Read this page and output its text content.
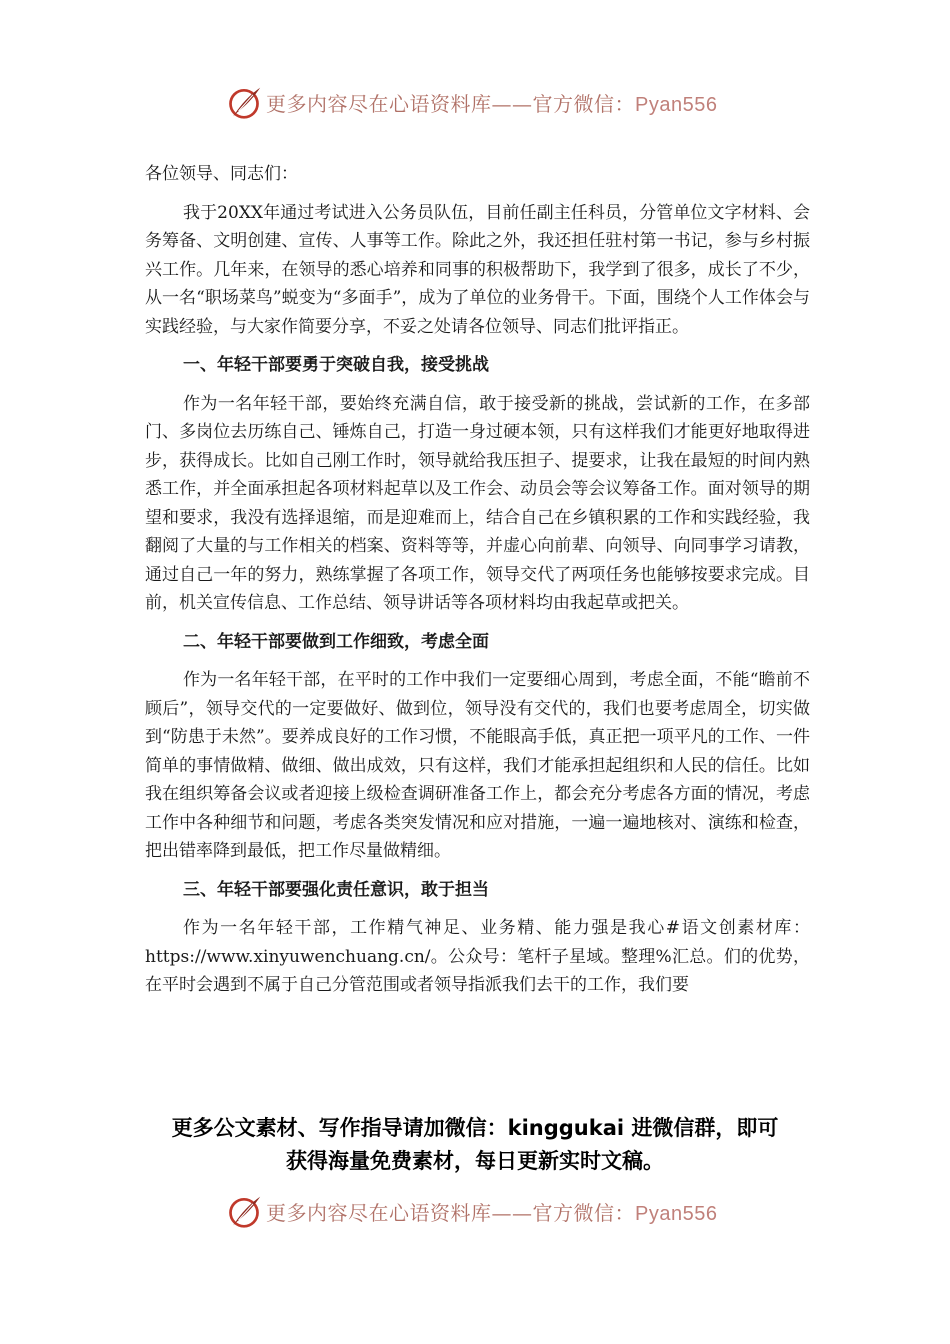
更多内容尽在心语资料库——官方微信：Pyan556

各位领导、同志们：

我于20XX年通过考试进入公务员队伍，目前任副主任科员，分管单位文字材料、会务筹备、文明创建、宣传、人事等工作。除此之外，我还担任驻村第一书记，参与乡村振兴工作。几年来，在领导的悉心培养和同事的积极帮助下，我学到了很多，成长了不少，从一名“职场菜鸟”蜕变为“多面手”，成为了单位的业务骨干。下面，围绕个人工作体会与实践经验，与大家作简要分享，不妥之处请各位领导、同志们批评指正。

一、年轻干部要勇于突破自我，接受挑战

作为一名年轻干部，要始终充满自信，敢于接受新的挑战，尝试新的工作，在多部门、多岗位去历练自己、锤炼自己，打造一身过硬本领，只有这样我们才能更好地取得进步，获得成长。比如自己刚工作时，领导就给我压担子、提要求，让我在最短的时间内熟悉工作，并全面承担起各项材料起草以及工作会、动员会等会议筹备工作。面对领导的期望和要求，我没有选择退缩，而是迎难而上，结合自己在乡镇积累的工作和实践经验，我翻阅了大量的与工作相关的档案、资料等等，并虚心向前辈、向领导、向同事学习请教，通过自己一年的努力，熟练掌握了各项工作，领导交代了两项任务也能够按要求完成。目前，机关宣传信息、工作总结、领导讲话等各项材料均由我起草或把关。

二、年轻干部要做到工作细致，考虑全面

作为一名年轻干部，在平时的工作中我们一定要细心周到，考虑全面，不能“瞻前不顾后”，领导交代的一定要做好、做到位，领导没有交代的，我们也要考虑周全，切实做到“防患于未然”。要养成良好的工作习惯，不能眼高手低，真正把一项平凡的工作、一件简单的事情做精、做细、做出成效，只有这样，我们才能承担起组织和人民的信任。比如我在组织筹备会议或者迎接上级检查调研准备工作上，都会充分考虑各方面的情况，考虑工作中各种细节和问题，考虑各类突发情况和应对措施，一遍一遍地核对、演练和检查，把出错率降到最低，把工作尽量做精细。

三、年轻干部要强化责任意识，敢于担当

作为一名年轻干部，工作精气神足、业务精、能力强是我心#语文创素材库：https://www.xinyuwenchuang.cn/。公众号：笔杆子星域。整理%汇总。们的优势，在平时会遇到不属于自己分管范围或者领导指派我们去干的工作，我们要

更多公文素材、写作指导请加微信：kinggukai 进微信群，即可
获得海量免费素材，每日更新实时文稿。
更多内容尽在心语资料库——官方微信：Pyan556
